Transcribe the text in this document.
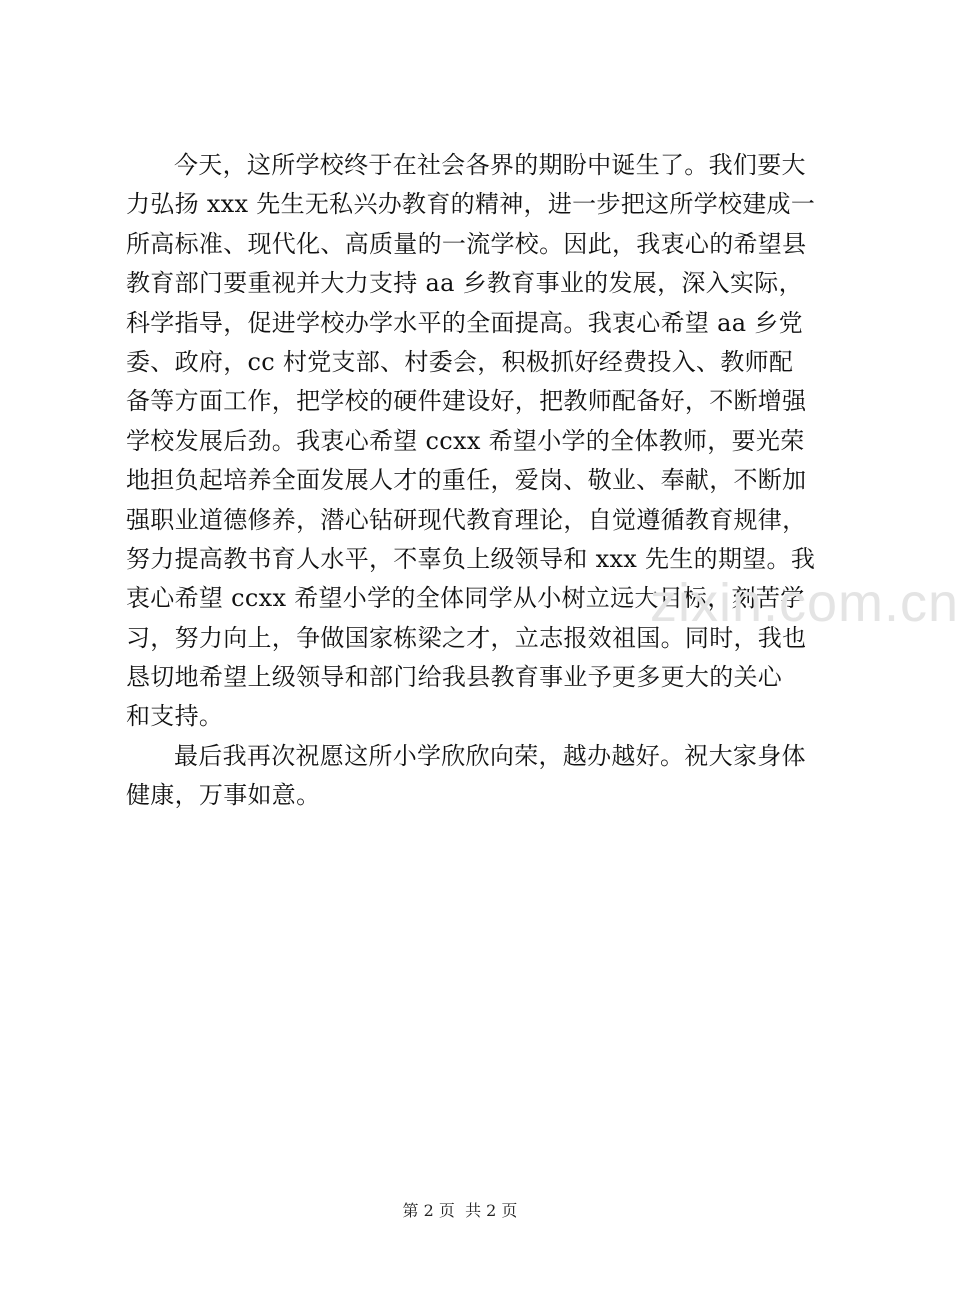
今天，这所学校终于在社会各界的期盼中诞生了。我们要大
力弘扬 xxx 先生无私兴办教育的精神，进一步把这所学校建成一
所高标准、现代化、高质量的一流学校。因此，我衷心的希望县
教育部门要重视并大力支持 aa 乡教育事业的发展，深入实际，
科学指导，促进学校办学水平的全面提高。我衷心希望 aa 乡党
委、政府，cc 村党支部、村委会，积极抓好经费投入、教师配
备等方面工作，把学校的硬件建设好，把教师配备好，不断增强
学校发展后劲。我衷心希望 ccxx 希望小学的全体教师，要光荣
地担负起培养全面发展人才的重任，爱岗、敬业、奉献，不断加
强职业道德修养，潜心钻研现代教育理论，自觉遵循教育规律，
努力提高教书育人水平，不辜负上级领导和 xxx 先生的期望。我
衷心希望 ccxx 希望小学的全体同学从小树立远大目标，刻苦学
习，努力向上，争做国家栋梁之才，立志报效祖国。同时，我也
恳切地希望上级领导和部门给我县教育事业予更多更大的关心
和支持。
最后我再次祝愿这所小学欣欣向荣，越办越好。祝大家身体
健康，万事如意。
zixin.com.cn
第 2 页  共 2 页
